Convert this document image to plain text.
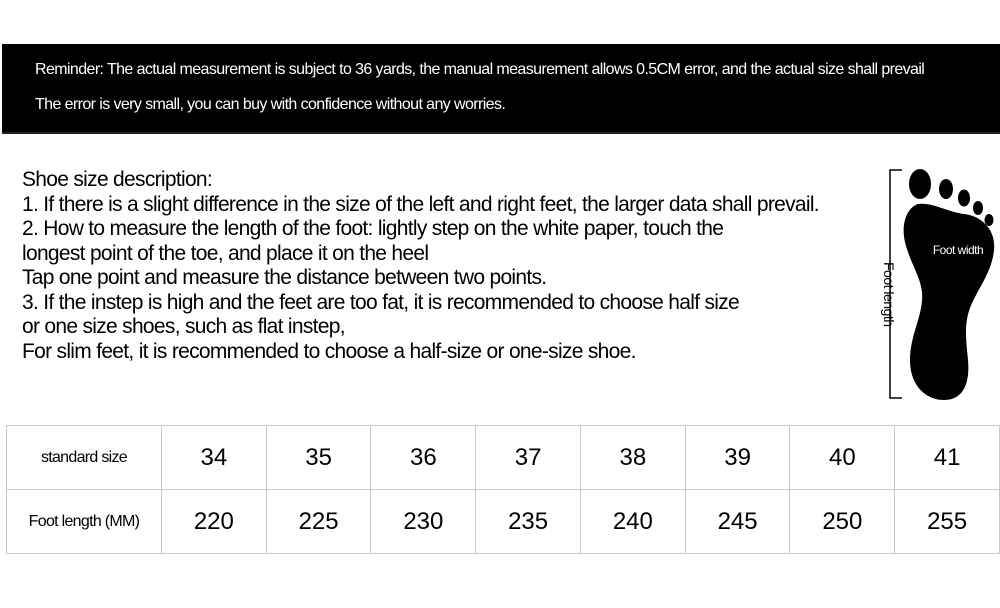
Reminder: The actual measurement is subject to 36 yards, the manual measurement allows 0.5CM error, and the actual size shall prevail

The error is very small, you can buy with confidence without any worries.

Shoe size description:
1. If there is a slight difference in the size of the left and right feet, the larger data shall prevail.
2. How to measure the length of the foot: lightly step on the white paper, touch the
longest point of the toe, and place it on the heel
Tap one point and measure the distance between two points.
3. If the instep is high and the feet are too fat, it is recommended to choose half size
or one size shoes, such as flat instep,
For slim feet, it is recommended to choose a half-size or one-size shoe.
Foot width
Foot length
standard size	34	35	36	37	38	39	40	41
Foot length (MM)	220	225	230	235	240	245	250	255
